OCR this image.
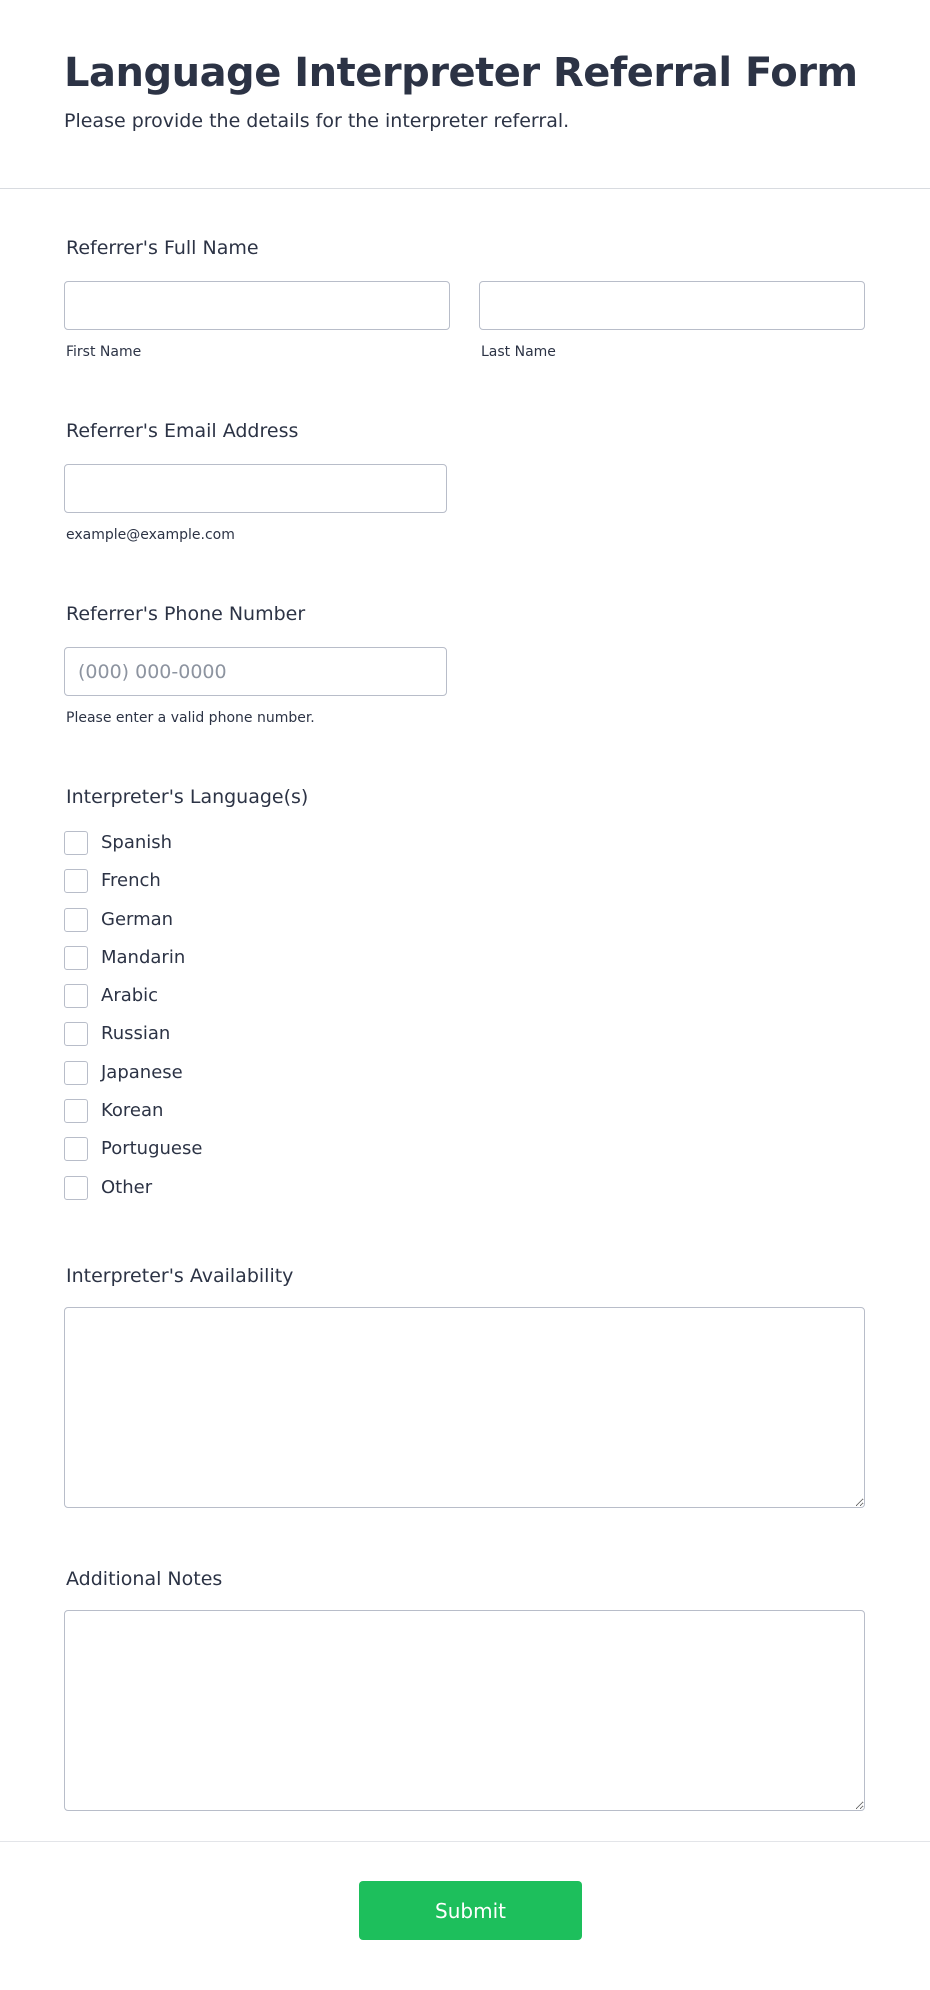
Language Interpreter Referral Form

Please provide the details for the interpreter referral.

Referrer's Full Name
First Name	Last Name
Referrer's Email Address
example@example.com
Referrer's Phone Number
(000) 000-0000
Please enter a valid phone number.
Interpreter's Language(s)
Spanish
French
German
Mandarin
Arabic
Russian
Japanese
Korean
Portuguese
Other
Interpreter's Availability
Additional Notes
Submit
